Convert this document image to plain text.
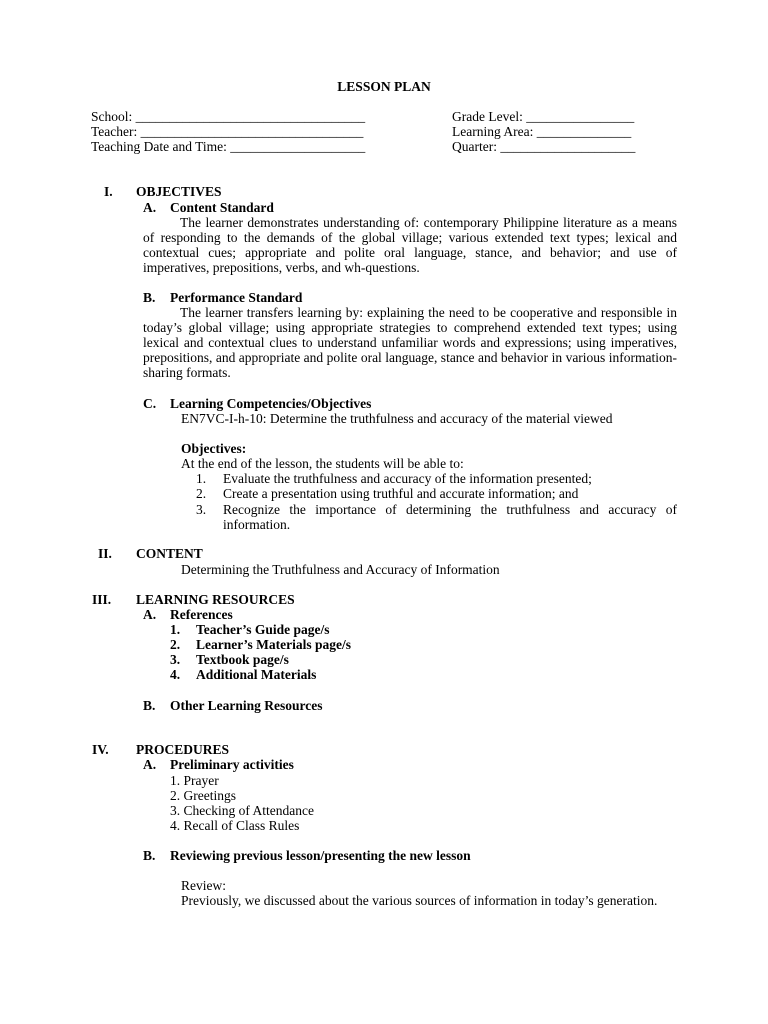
LESSON PLAN
School: __________________________________
Teacher: _________________________________
Teaching Date and Time: ____________________
Grade Level: ________________
Learning Area: ______________
Quarter: ____________________
I. OBJECTIVES
A. Content Standard
The learner demonstrates understanding of: contemporary Philippine literature as a means of responding to the demands of the global village; various extended text types; lexical and contextual cues; appropriate and polite oral language, stance, and behavior; and use of imperatives, prepositions, verbs, and wh-questions.
B. Performance Standard
The learner transfers learning by: explaining the need to be cooperative and responsible in today’s global village; using appropriate strategies to comprehend extended text types; using lexical and contextual clues to understand unfamiliar words and expressions; using imperatives, prepositions, and appropriate and polite oral language, stance and behavior in various information-sharing formats.
C. Learning Competencies/Objectives
EN7VC-I-h-10: Determine the truthfulness and accuracy of the material viewed
Objectives:
At the end of the lesson, the students will be able to:
1. Evaluate the truthfulness and accuracy of the information presented;
2. Create a presentation using truthful and accurate information; and
3. Recognize the importance of determining the truthfulness and accuracy of
information.
II. CONTENT
Determining the Truthfulness and Accuracy of Information
III. LEARNING RESOURCES
A. References
1. Teacher’s Guide page/s
2. Learner’s Materials page/s
3. Textbook page/s
4. Additional Materials
B. Other Learning Resources
IV. PROCEDURES
A. Preliminary activities
1. Prayer
2. Greetings
3. Checking of Attendance
4. Recall of Class Rules
B. Reviewing previous lesson/presenting the new lesson
Review:
Previously, we discussed about the various sources of information in today’s generation.
